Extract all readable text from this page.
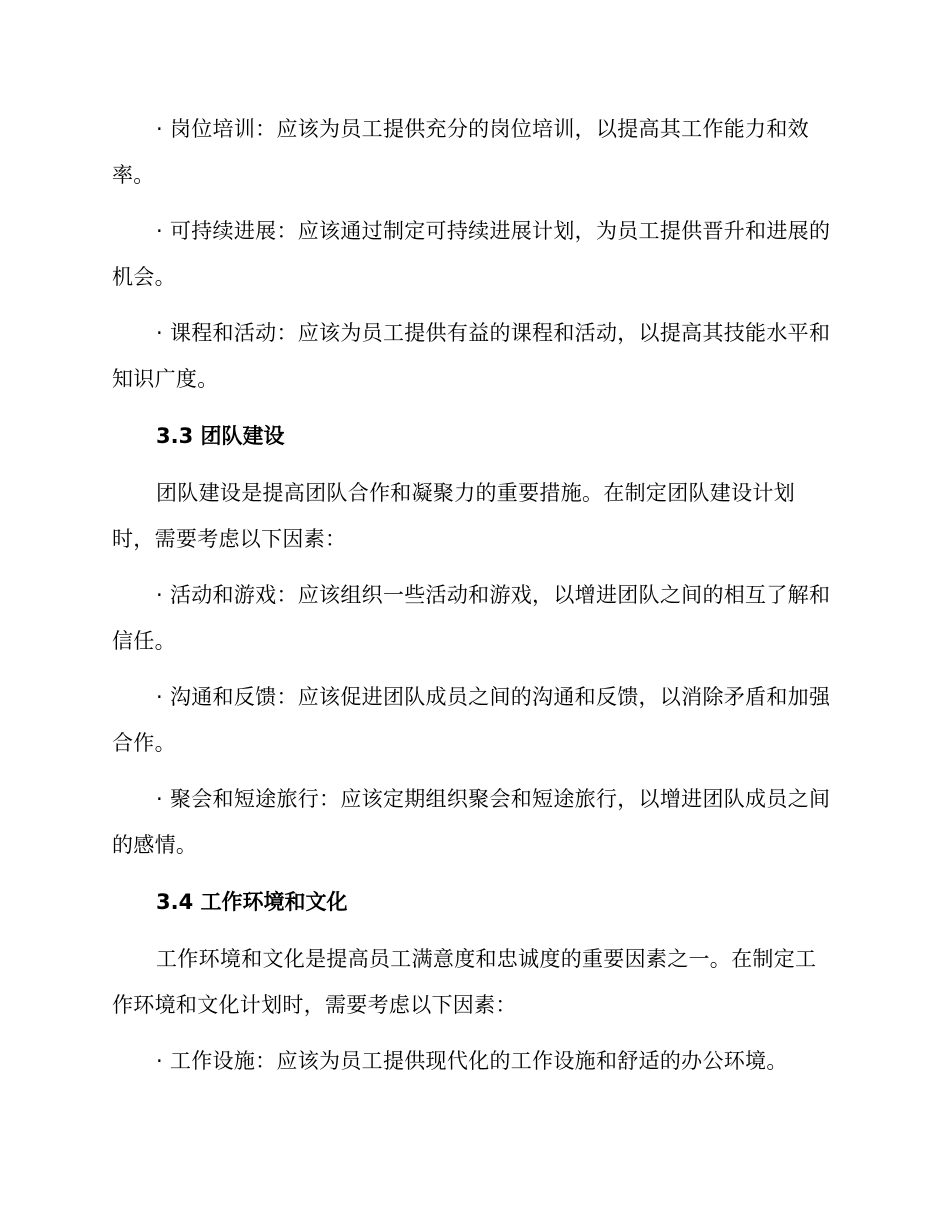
· 岗位培训：应该为员工提供充分的岗位培训，以提高其工作能力和效率。

· 可持续进展：应该通过制定可持续进展计划，为员工提供晋升和进展的机会。

· 课程和活动：应该为员工提供有益的课程和活动，以提高其技能水平和知识广度。

3.3 团队建设

团队建设是提高团队合作和凝聚力的重要措施。在制定团队建设计划时，需要考虑以下因素：

· 活动和游戏：应该组织一些活动和游戏，以增进团队之间的相互了解和信任。

· 沟通和反馈：应该促进团队成员之间的沟通和反馈，以消除矛盾和加强合作。

· 聚会和短途旅行：应该定期组织聚会和短途旅行，以增进团队成员之间的感情。

3.4 工作环境和文化

工作环境和文化是提高员工满意度和忠诚度的重要因素之一。在制定工作环境和文化计划时，需要考虑以下因素：

· 工作设施：应该为员工提供现代化的工作设施和舒适的办公环境。
